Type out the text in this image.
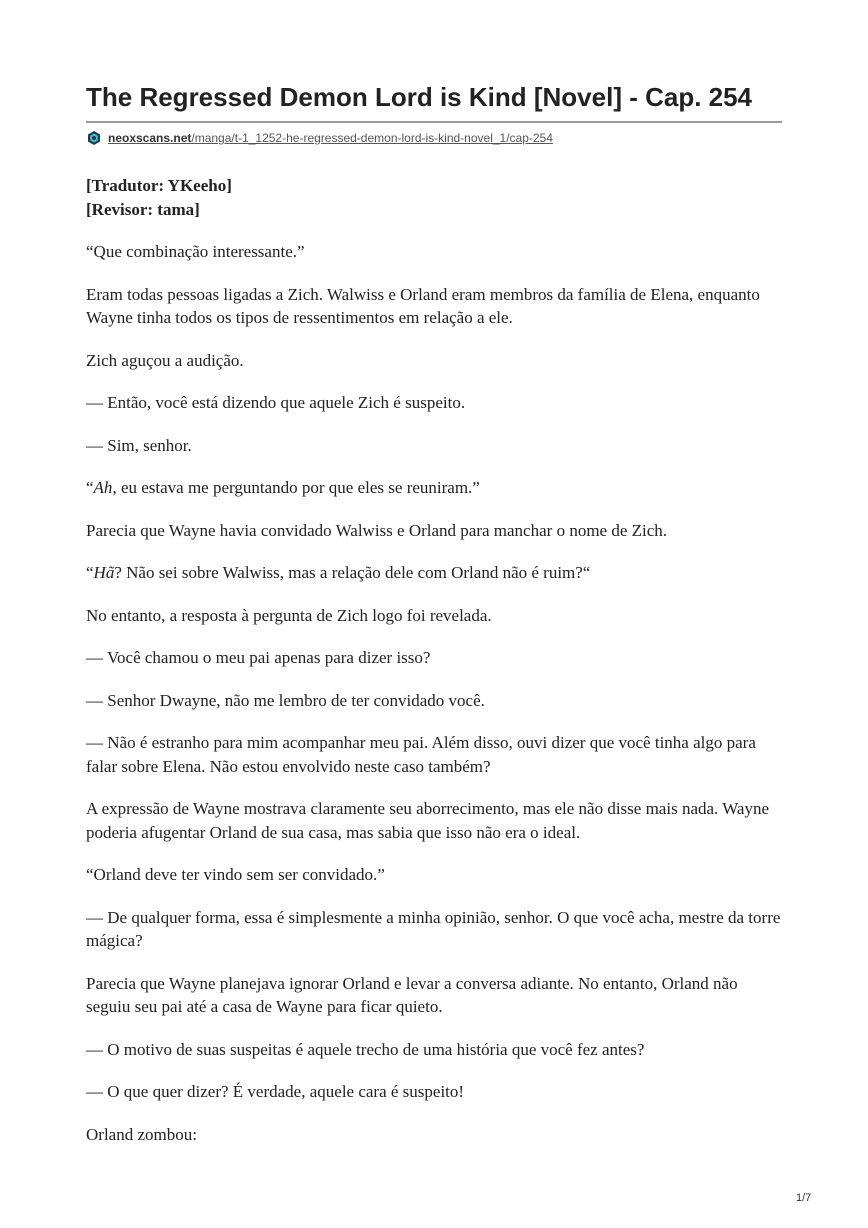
The Regressed Demon Lord is Kind [Novel] - Cap. 254
neoxscans.net/manga/t-1_1252-he-regressed-demon-lord-is-kind-novel_1/cap-254

[Tradutor: YKeeho]
[Revisor: tama]

“Que combinação interessante.”

Eram todas pessoas ligadas a Zich. Walwiss e Orland eram membros da família de Elena, enquanto Wayne tinha todos os tipos de ressentimentos em relação a ele.

Zich aguçou a audição.

— Então, você está dizendo que aquele Zich é suspeito.

— Sim, senhor.

“Ah, eu estava me perguntando por que eles se reuniram.”

Parecia que Wayne havia convidado Walwiss e Orland para manchar o nome de Zich.

“Hã? Não sei sobre Walwiss, mas a relação dele com Orland não é ruim?“

No entanto, a resposta à pergunta de Zich logo foi revelada.

— Você chamou o meu pai apenas para dizer isso?

— Senhor Dwayne, não me lembro de ter convidado você.

— Não é estranho para mim acompanhar meu pai. Além disso, ouvi dizer que você tinha algo para falar sobre Elena. Não estou envolvido neste caso também?

A expressão de Wayne mostrava claramente seu aborrecimento, mas ele não disse mais nada. Wayne poderia afugentar Orland de sua casa, mas sabia que isso não era o ideal.

“Orland deve ter vindo sem ser convidado.”

— De qualquer forma, essa é simplesmente a minha opinião, senhor. O que você acha, mestre da torre mágica?

Parecia que Wayne planejava ignorar Orland e levar a conversa adiante. No entanto, Orland não seguiu seu pai até a casa de Wayne para ficar quieto.

— O motivo de suas suspeitas é aquele trecho de uma história que você fez antes?

— O que quer dizer? É verdade, aquele cara é suspeito!

Orland zombou:

1/7
